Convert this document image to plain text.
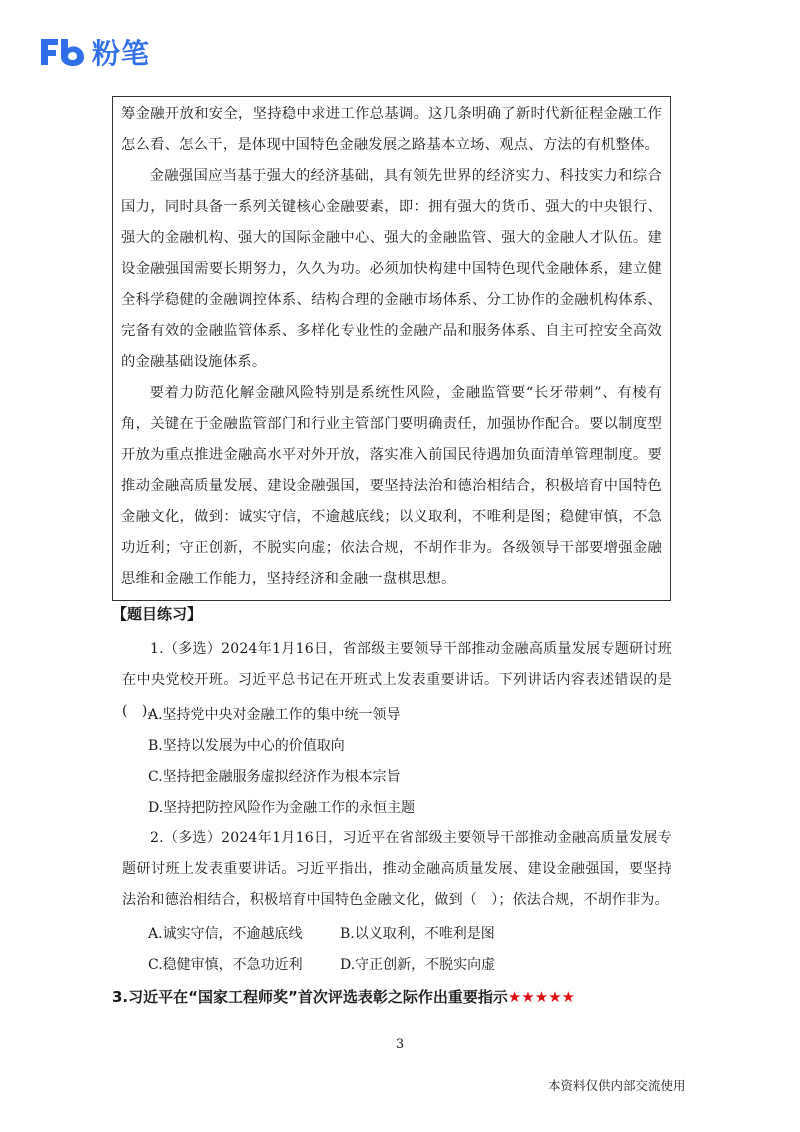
粉笔

筹金融开放和安全，坚持稳中求进工作总基调。这几条明确了新时代新征程金融工作怎么看、怎么干，是体现中国特色金融发展之路基本立场、观点、方法的有机整体。

金融强国应当基于强大的经济基础，具有领先世界的经济实力、科技实力和综合国力，同时具备一系列关键核心金融要素，即：拥有强大的货币、强大的中央银行、强大的金融机构、强大的国际金融中心、强大的金融监管、强大的金融人才队伍。建设金融强国需要长期努力，久久为功。必须加快构建中国特色现代金融体系，建立健全科学稳健的金融调控体系、结构合理的金融市场体系、分工协作的金融机构体系、完备有效的金融监管体系、多样化专业性的金融产品和服务体系、自主可控安全高效的金融基础设施体系。

要着力防范化解金融风险特别是系统性风险，金融监管要“长牙带刺”、有棱有角，关键在于金融监管部门和行业主管部门要明确责任，加强协作配合。要以制度型开放为重点推进金融高水平对外开放，落实准入前国民待遇加负面清单管理制度。要推动金融高质量发展、建设金融强国，要坚持法治和德治相结合，积极培育中国特色金融文化，做到：诚实守信，不逾越底线；以义取利，不唯利是图；稳健审慎，不急功近利；守正创新，不脱实向虚；依法合规，不胡作非为。各级领导干部要增强金融思维和金融工作能力，坚持经济和金融一盘棋思想。

【题目练习】

1.（多选）2024年1月16日，省部级主要领导干部推动金融高质量发展专题研讨班在中央党校开班。习近平总书记在开班式上发表重要讲话。下列讲话内容表述错误的是(　)。

A.坚持党中央对金融工作的集中统一领导
B.坚持以发展为中心的价值取向
C.坚持把金融服务虚拟经济作为根本宗旨
D.坚持把防控风险作为金融工作的永恒主题

2.（多选）2024年1月16日，习近平在省部级主要领导干部推动金融高质量发展专题研讨班上发表重要讲话。习近平指出，推动金融高质量发展、建设金融强国，要坚持法治和德治相结合，积极培育中国特色金融文化，做到（　）；依法合规，不胡作非为。

A.诚实守信，不逾越底线	B.以义取利，不唯利是图
C.稳健审慎，不急功近利	D.守正创新，不脱实向虚
3.习近平在“国家工程师奖”首次评选表彰之际作出重要指示★★★★★
3
本资料仅供内部交流使用
